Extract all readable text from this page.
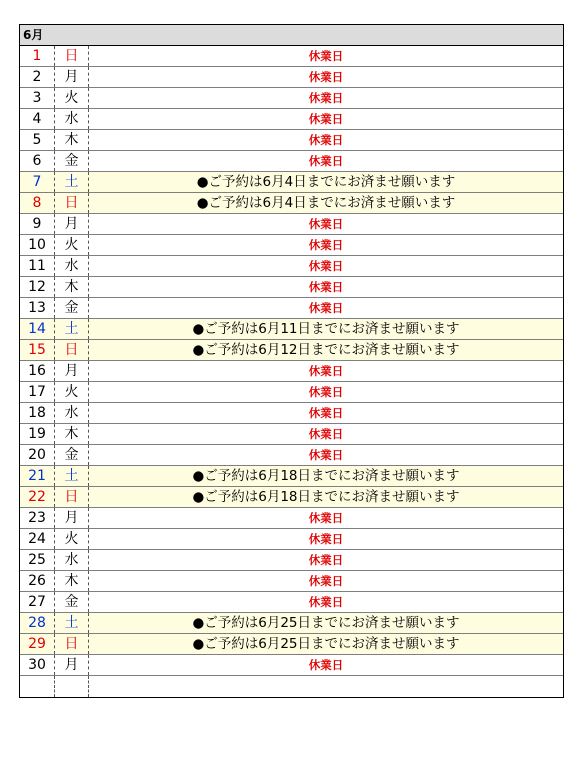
6月
1	日	休業日
2	月	休業日
3	火	休業日
4	水	休業日
5	木	休業日
6	金	休業日
7	土	●ご予約は6月4日までにお済ませ願います
8	日	●ご予約は6月4日までにお済ませ願います
9	月	休業日
10	火	休業日
11	水	休業日
12	木	休業日
13	金	休業日
14	土	●ご予約は6月11日までにお済ませ願います
15	日	●ご予約は6月12日までにお済ませ願います
16	月	休業日
17	火	休業日
18	水	休業日
19	木	休業日
20	金	休業日
21	土	●ご予約は6月18日までにお済ませ願います
22	日	●ご予約は6月18日までにお済ませ願います
23	月	休業日
24	火	休業日
25	水	休業日
26	木	休業日
27	金	休業日
28	土	●ご予約は6月25日までにお済ませ願います
29	日	●ご予約は6月25日までにお済ませ願います
30	月	休業日
